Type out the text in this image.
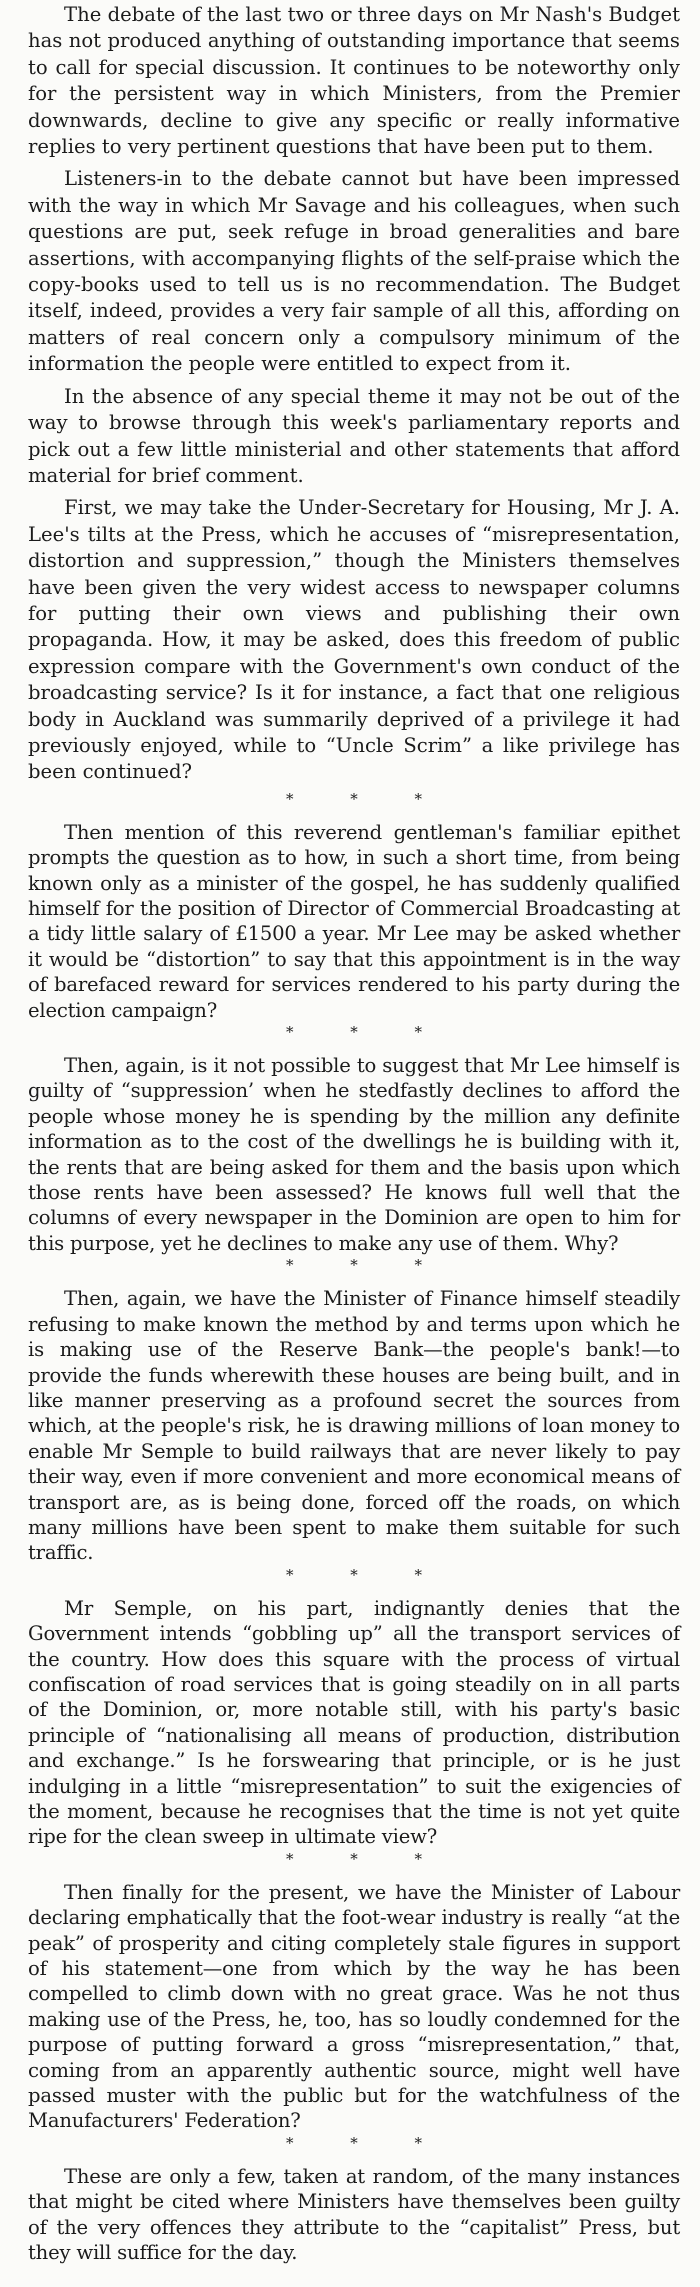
The debate of the last two or three days on Mr Nash's Budget has not produced anything of outstanding importance that seems to call for special discussion. It continues to be noteworthy only for the persistent way in which Ministers, from the Premier downwards, decline to give any specific or really informative replies to very pertinent questions that have been put to them.

Listeners-in to the debate cannot but have been impressed with the way in which Mr Savage and his colleagues, when such questions are put, seek refuge in broad generalities and bare assertions, with accompanying flights of the self-praise which the copy-books used to tell us is no recommendation. The Budget itself, indeed, provides a very fair sample of all this, affording on matters of real concern only a compulsory minimum of the information the people were entitled to expect from it.

In the absence of any special theme it may not be out of the way to browse through this week's parliamentary reports and pick out a few little ministerial and other statements that afford material for brief comment.

First, we may take the Under-Secretary for Housing, Mr J. A. Lee's tilts at the Press, which he accuses of “misrepresentation, distortion and suppression,” though the Ministers themselves have been given the very widest access to newspaper columns for putting their own views and publishing their own propaganda. How, it may be asked, does this freedom of public expression compare with the Government's own conduct of the broadcasting service? Is it for instance, a fact that one religious body in Auckland was summarily deprived of a privilege it had previously enjoyed, while to “Uncle Scrim” a like privilege has been continued?

* * *

Then mention of this reverend gentleman's familiar epithet prompts the question as to how, in such a short time, from being known only as a minister of the gospel, he has suddenly qualified himself for the position of Director of Commercial Broadcasting at a tidy little salary of £1500 a year. Mr Lee may be asked whether it would be “distortion” to say that this appointment is in the way of barefaced reward for services rendered to his party during the election campaign?

* * *

Then, again, is it not possible to suggest that Mr Lee himself is guilty of “suppression’ when he stedfastly declines to afford the people whose money he is spending by the million any definite information as to the cost of the dwellings he is building with it, the rents that are being asked for them and the basis upon which those rents have been assessed? He knows full well that the columns of every newspaper in the Dominion are open to him for this purpose, yet he declines to make any use of them. Why?

* * *

Then, again, we have the Minister of Finance himself steadily refusing to make known the method by and terms upon which he is making use of the Reserve Bank—the people's bank!—to provide the funds wherewith these houses are being built, and in like manner preserving as a profound secret the sources from which, at the people's risk, he is drawing millions of loan money to enable Mr Semple to build railways that are never likely to pay their way, even if more convenient and more economical means of transport are, as is being done, forced off the roads, on which many millions have been spent to make them suitable for such traffic.

* * *

Mr Semple, on his part, indignantly denies that the Government intends “gobbling up” all the transport services of the country. How does this square with the process of virtual confiscation of road services that is going steadily on in all parts of the Dominion, or, more notable still, with his party's basic principle of “nationalising all means of production, distribution and exchange.” Is he forswearing that principle, or is he just indulging in a little “misrepresentation” to suit the exigencies of the moment, because he recognises that the time is not yet quite ripe for the clean sweep in ultimate view?

* * *

Then finally for the present, we have the Minister of Labour declaring emphatically that the foot-wear industry is really “at the peak” of prosperity and citing completely stale figures in support of his statement—one from which by the way he has been compelled to climb down with no great grace. Was he not thus making use of the Press, he, too, has so loudly condemned for the purpose of putting forward a gross “misrepresentation,” that, coming from an apparently authentic source, might well have passed muster with the public but for the watchfulness of the Manufacturers' Federation?

* * *

These are only a few, taken at random, of the many instances that might be cited where Ministers have themselves been guilty of the very offences they attribute to the “capitalist” Press, but they will suffice for the day.
